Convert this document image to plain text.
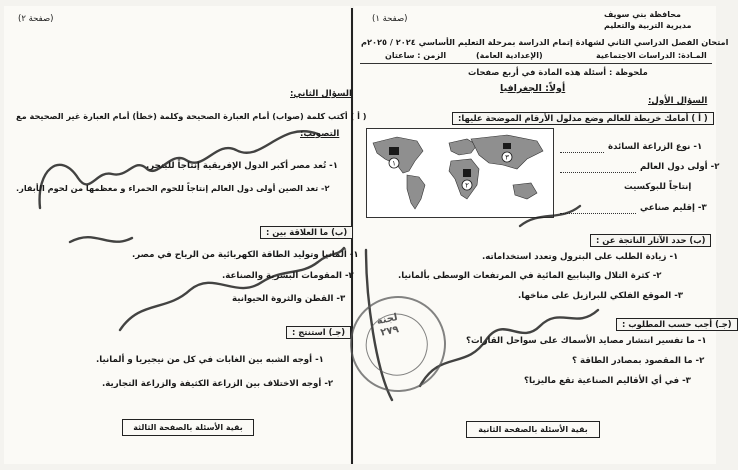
محافظة بني سويف
مديرية التربية والتعليم
(صفحة ١)
امتحان الفصل الدراسي الثاني لشهادة إتمام الدراسة بمرحلة التعليم الأساسي ٢٠٢٤ / ٢٠٢٥م
المـادة: الدراسات الاجتماعية
(الإعدادية العامة)
الزمن : ساعتان
ملحوظة : أسئلة هذه المادة في أربع صفحات
أولاً: الجغرافيا
السؤال الأول:
( أ ) أمامك خريطة للعالم وضع مدلول الأرقام الموضحة عليها:
١
٢
٣
١- نوع الزراعة السائدة
٢- أولى دول العالم
إنتاجاً للبوكسيت
٣- إقليم صناعي
(ب) حدد الآثار الناتجة عن :
١- زيادة الطلب على البترول وتعدد استخداماته.
٢- كثرة التلال والينابيع المائية في المرتفعات الوسطى بألمانيا.
٣- الموقع الفلكي للبرازيل على مناخها.
(جـ) أجب حسب المطلوب :
١- ما تفسير انتشار مصايد الأسماك على سواحل القارات؟
٢- ما المقصود بمصادر الطاقة ؟
٣- في أي الأقاليم الصناعية تقع ماليزيا؟
بقية الأسئلة بالصفحة الثانية
(صفحة ٢)
السؤال الثاني:
( أ ) أكتب كلمة (صواب) أمام العبارة الصحيحة وكلمة (خطأ) أمام العبارة غير الصحيحة مع
التصويب:
١- تُعد مصر أكبر الدول الإفريقية إنتاجاً للبنجر.
٢- تعد الصين أولى دول العالم إنتاجاً للحوم الحمراء و معظمها من لحوم الأبقار.
(ب) ما العلاقة بين :
١- ألمانيا وتوليد الطاقة الكهربائية من الرياح في مصر.
٢- المقومات البشرية والصناعة.
٣- القطن والثروة الحيوانية
(جـ) استنتج :
١- أوجه الشبه بين الغابات في كل من نيجيريا و ألمانيا.
٢- أوجه الاختلاف بين الزراعة الكثيفة والزراعة التجارية.
بقية الأسئلة بالصفحة الثالثة
لجنة
٢٧٩
